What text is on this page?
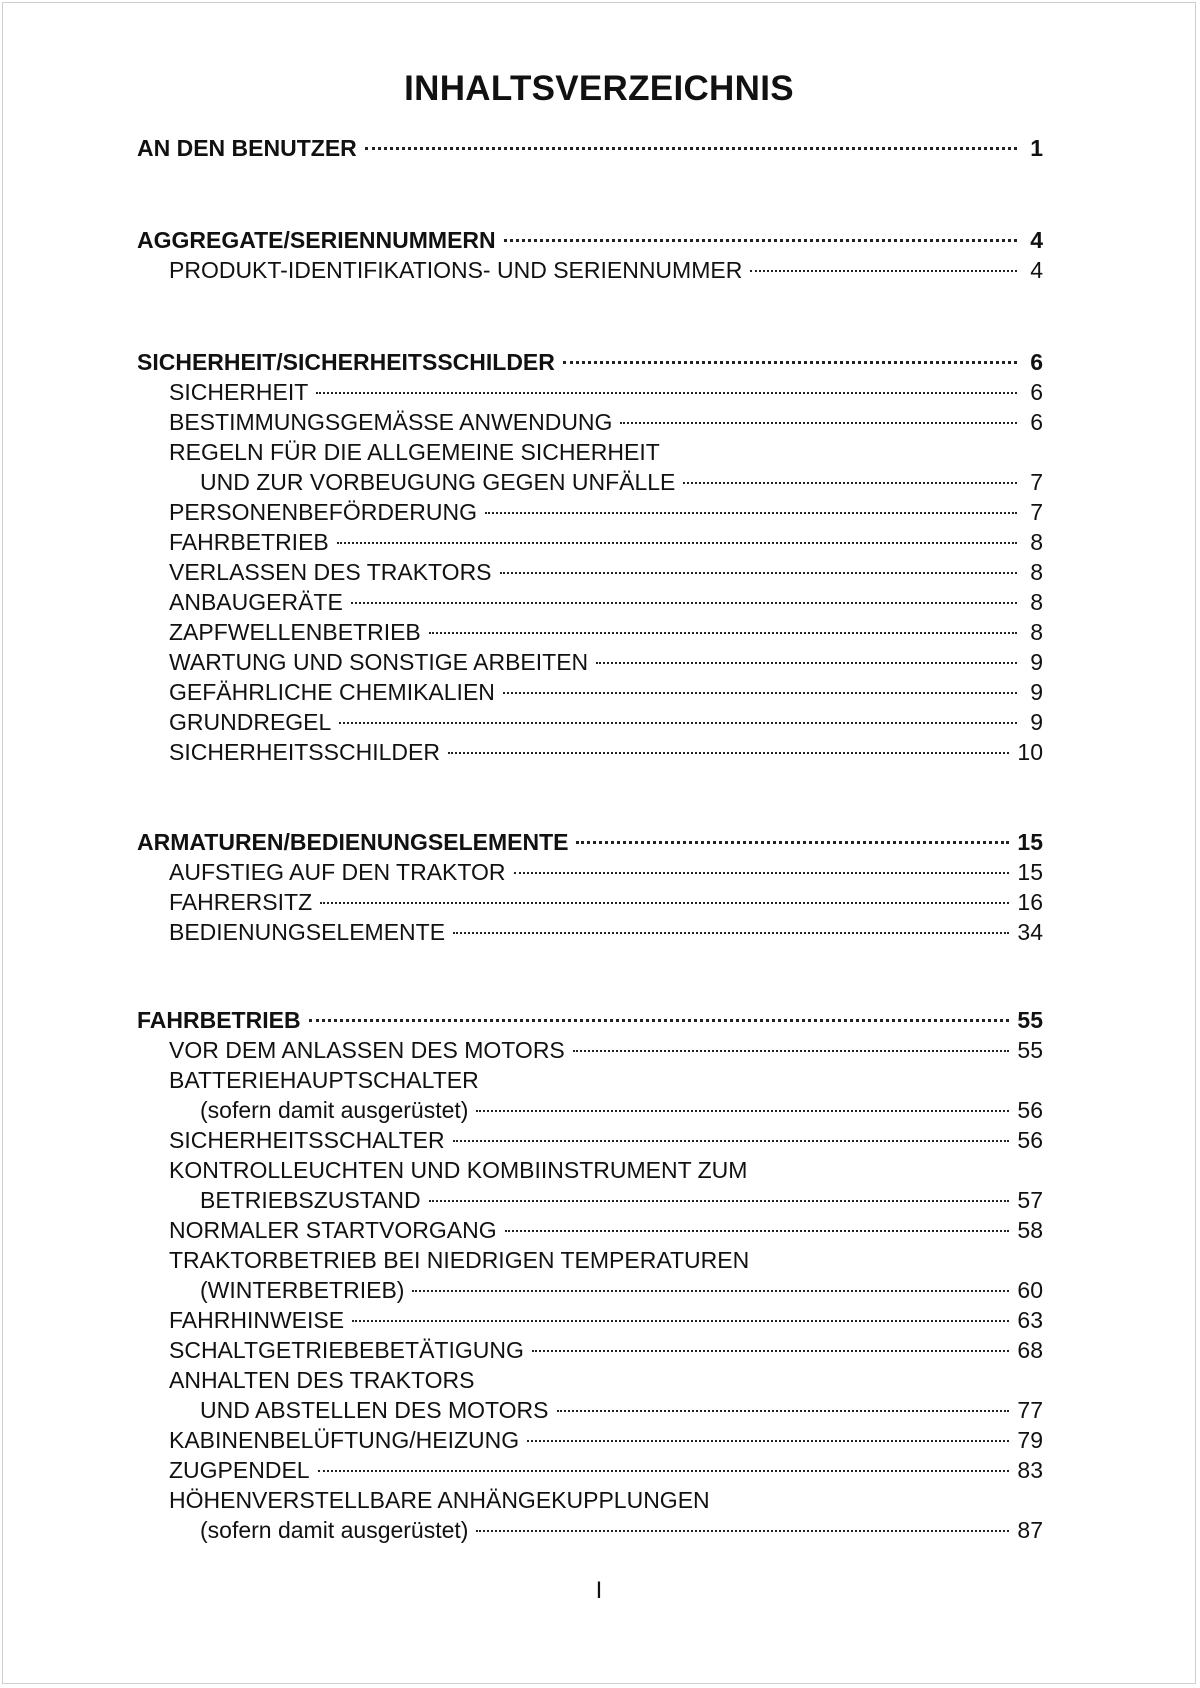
INHALTSVERZEICHNIS
AN DEN BENUTZER	1
AGGREGATE/SERIENNUMMERN	4
PRODUKT-IDENTIFIKATIONS- UND SERIENNUMMER	4
SICHERHEIT/SICHERHEITSSCHILDER	6
SICHERHEIT	6
BESTIMMUNGSGEMÄSSE ANWENDUNG	6
REGELN FÜR DIE ALLGEMEINE SICHERHEIT
UND ZUR VORBEUGUNG GEGEN UNFÄLLE	7
PERSONENBEFÖRDERUNG	7
FAHRBETRIEB	8
VERLASSEN DES TRAKTORS	8
ANBAUGERÄTE	8
ZAPFWELLENBETRIEB	8
WARTUNG UND SONSTIGE ARBEITEN	9
GEFÄHRLICHE CHEMIKALIEN	9
GRUNDREGEL	9
SICHERHEITSSCHILDER	10
ARMATUREN/BEDIENUNGSELEMENTE	15
AUFSTIEG AUF DEN TRAKTOR	15
FAHRERSITZ	16
BEDIENUNGSELEMENTE	34
FAHRBETRIEB	55
VOR DEM ANLASSEN DES MOTORS	55
BATTERIEHAUPTSCHALTER
(sofern damit ausgerüstet)	56
SICHERHEITSSCHALTER	56
KONTROLLEUCHTEN UND KOMBIINSTRUMENT ZUM
BETRIEBSZUSTAND	57
NORMALER STARTVORGANG	58
TRAKTORBETRIEB BEI NIEDRIGEN TEMPERATUREN
(WINTERBETRIEB)	60
FAHRHINWEISE	63
SCHALTGETRIEBEBETÄTIGUNG	68
ANHALTEN DES TRAKTORS
UND ABSTELLEN DES MOTORS	77
KABINENBELÜFTUNG/HEIZUNG	79
ZUGPENDEL	83
HÖHENVERSTELLBARE ANHÄNGEKUPPLUNGEN
(sofern damit ausgerüstet)	87
I
